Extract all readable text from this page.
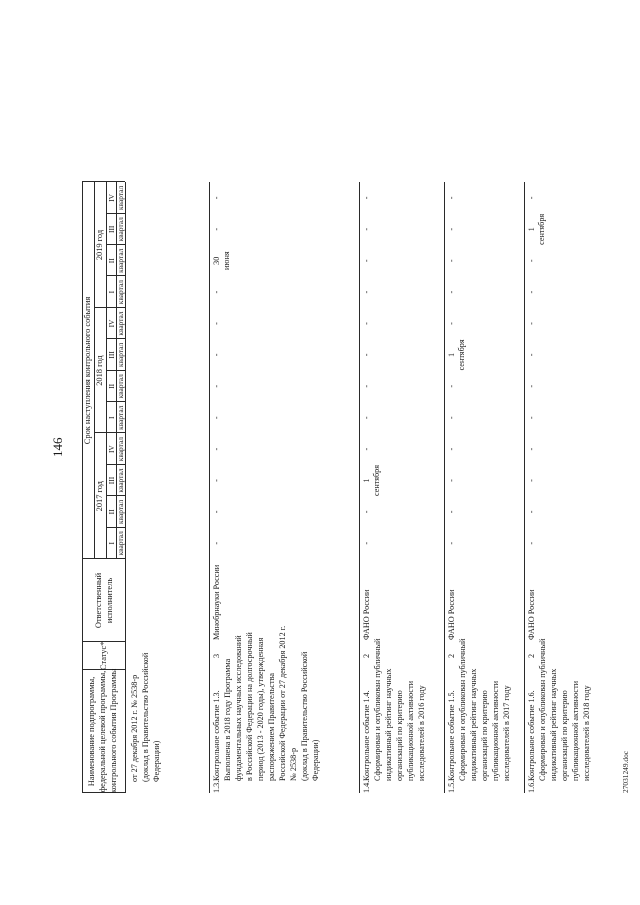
Наименование подпрограммы, федеральной целевой программы, контрольного события Программы
Статус*
Ответственный исполнитель
Срок наступления контрольного события
2017 год
2018 год
2019 год
I квартал
II квартал
III квартал
IV квартал
I квартал
II квартал
III квартал
IV квартал
I квартал
II квартал
III квартал
IV квартал
146
27031249.doc
от 27 декабря 2012 г. № 2538-р (доклад в Правительство Российской Федерации)
1.3.
Контрольное событие 1.3. Выполнена в 2018 году Программа фундаментальных научных исследований в Российской Федерации на долгосрочный период (2013 - 2020 годы), утвержденная распоряжением Правительства Российской Федерации от 27 декабря 2012 г. № 2538-р (доклад в Правительство Российской Федерации)
3
Минобрнауки России
-
-
-
-
-
-
-
-
-
30 июня
-
-
1.4.
Контрольное событие 1.4. Сформирован и опубликован публичный индикативный рейтинг научных организаций по критерию публикационной активности исследователей в 2016 году
2
ФАНО России
-
-
1 сентября
-
-
-
-
-
-
-
-
-
1.5.
Контрольное событие 1.5. Сформирован и опубликован публичный индикативный рейтинг научных организаций по критерию публикационной активности исследователей в 2017 году
2
ФАНО России
-
-
-
-
-
-
1 сентября
-
-
-
-
-
1.6.
Контрольное событие 1.6. Сформирован и опубликован публичный индикативный рейтинг научных организаций по критерию публикационной активности исследователей в 2018 году
2
ФАНО России
-
-
-
-
-
-
-
-
-
-
1 сентября
-
